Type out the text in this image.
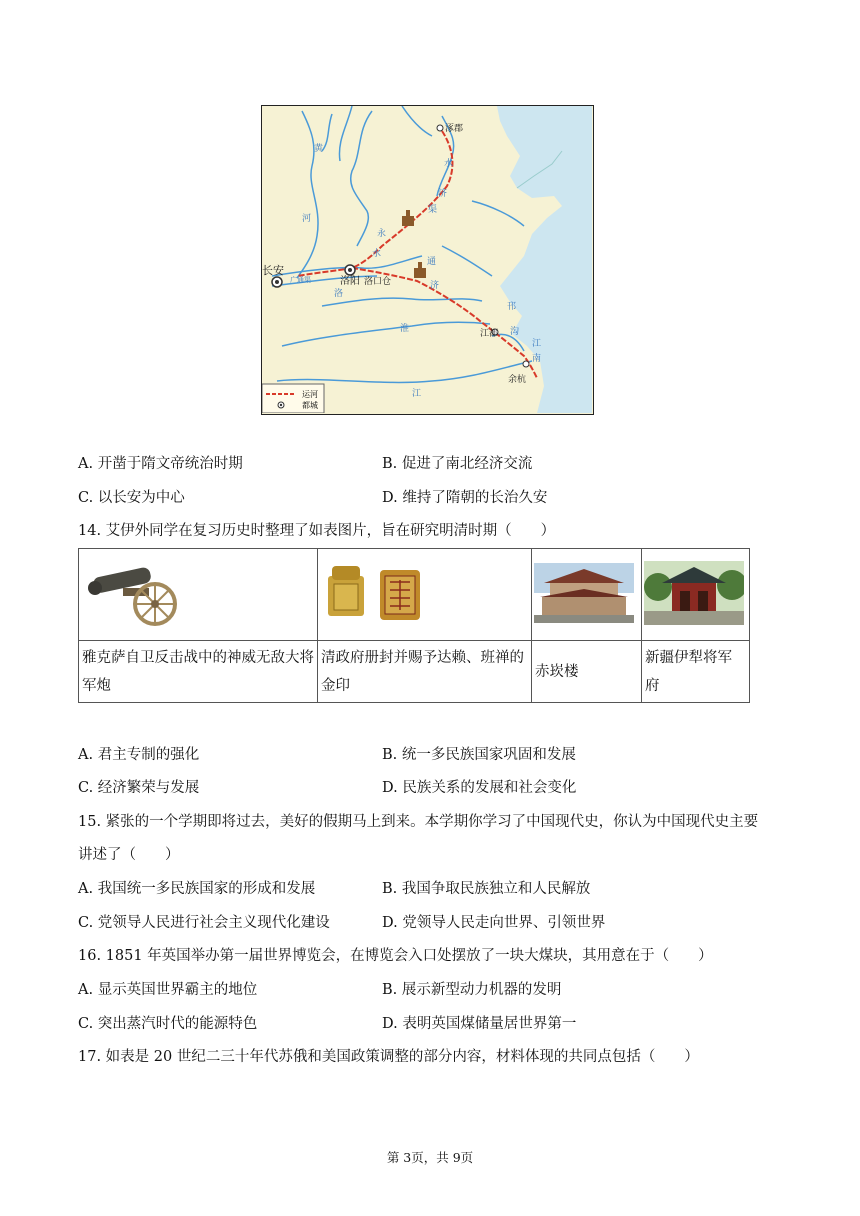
涿郡
长安
洛阳 洛口仓
江都
余杭
黄
河
水
济
渠
永
水
通
济
邗
沟
江
南
洛
淮
江
广通渠
运河
都城
A. 开凿于隋文帝统治时期	B. 促进了南北经济交流
C. 以长安为中心	D. 维持了隋朝的长治久安
14. 艾伊外同学在复习历史时整理了如表图片，旨在研究明清时期（　　）

雅克萨自卫反击战中的神威无敌大将军炮	清政府册封并赐予达赖、班禅的金印	赤崁楼	新疆伊犁将军府
A. 君主专制的强化	B. 统一多民族国家巩固和发展
C. 经济繁荣与发展	D. 民族关系的发展和社会变化
15. 紧张的一个学期即将过去，美好的假期马上到来。本学期你学习了中国现代史，你认为中国现代史主要
讲述了（　　）
A. 我国统一多民族国家的形成和发展	B. 我国争取民族独立和人民解放
C. 党领导人民进行社会主义现代化建设	D. 党领导人民走向世界、引领世界
16. 1851 年英国举办第一届世界博览会，在博览会入口处摆放了一块大煤块，其用意在于（　　）
A. 显示英国世界霸主的地位	B. 展示新型动力机器的发明
C. 突出蒸汽时代的能源特色	D. 表明英国煤储量居世界第一
17. 如表是 20 世纪二三十年代苏俄和美国政策调整的部分内容，材料体现的共同点包括（　　）
第 3页，共 9页
